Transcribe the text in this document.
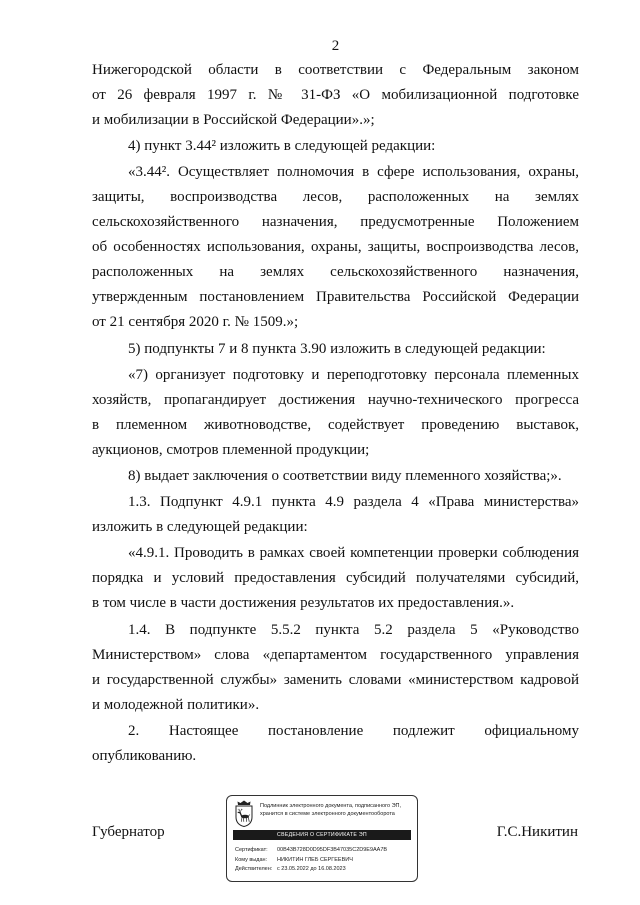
2
Нижегородской области в соответствии с Федеральным законом
от 26 февраля 1997 г. № 31-ФЗ «О мобилизационной подготовке
и мобилизации в Российской Федерации».»;
4) пункт 3.44² изложить в следующей редакции:
«3.44². Осуществляет полномочия в сфере использования, охраны,
защиты, воспроизводства лесов, расположенных на землях
сельскохозяйственного назначения, предусмотренные Положением
об особенностях использования, охраны, защиты, воспроизводства лесов,
расположенных на землях сельскохозяйственного назначения,
утвержденным постановлением Правительства Российской Федерации
от 21 сентября 2020 г. № 1509.»;
5) подпункты 7 и 8 пункта 3.90 изложить в следующей редакции:
«7) организует подготовку и переподготовку персонала племенных
хозяйств, пропагандирует достижения научно-технического прогресса
в племенном животноводстве, содействует проведению выставок,
аукционов, смотров племенной продукции;
8) выдает заключения о соответствии виду племенного хозяйства;».
1.3. Подпункт 4.9.1 пункта 4.9 раздела 4 «Права министерства»
изложить в следующей редакции:
«4.9.1. Проводить в рамках своей компетенции проверки соблюдения
порядка и условий предоставления субсидий получателями субсидий,
в том числе в части достижения результатов их предоставления.».
1.4. В подпункте 5.5.2 пункта 5.2 раздела 5 «Руководство
Министерством» слова «департаментом государственного управления
и государственной службы» заменить словами «министерством кадровой
и молодежной политики».
2. Настоящее постановление подлежит официальному
опубликованию.
Губернатор	Г.С.Никитин
Подлинник электронного документа, подписанного ЭП,
хранится в системе электронного документооборота
СВЕДЕНИЯ О СЕРТИФИКАТЕ ЭП
Сертификат: 00B43B728D0D95DF3B47035C2D9E9AA7B
Кому выдан: НИКИТИН ГЛЕБ СЕРГЕЕВИЧ
Действителен: с 23.05.2022 до 16.08.2023
